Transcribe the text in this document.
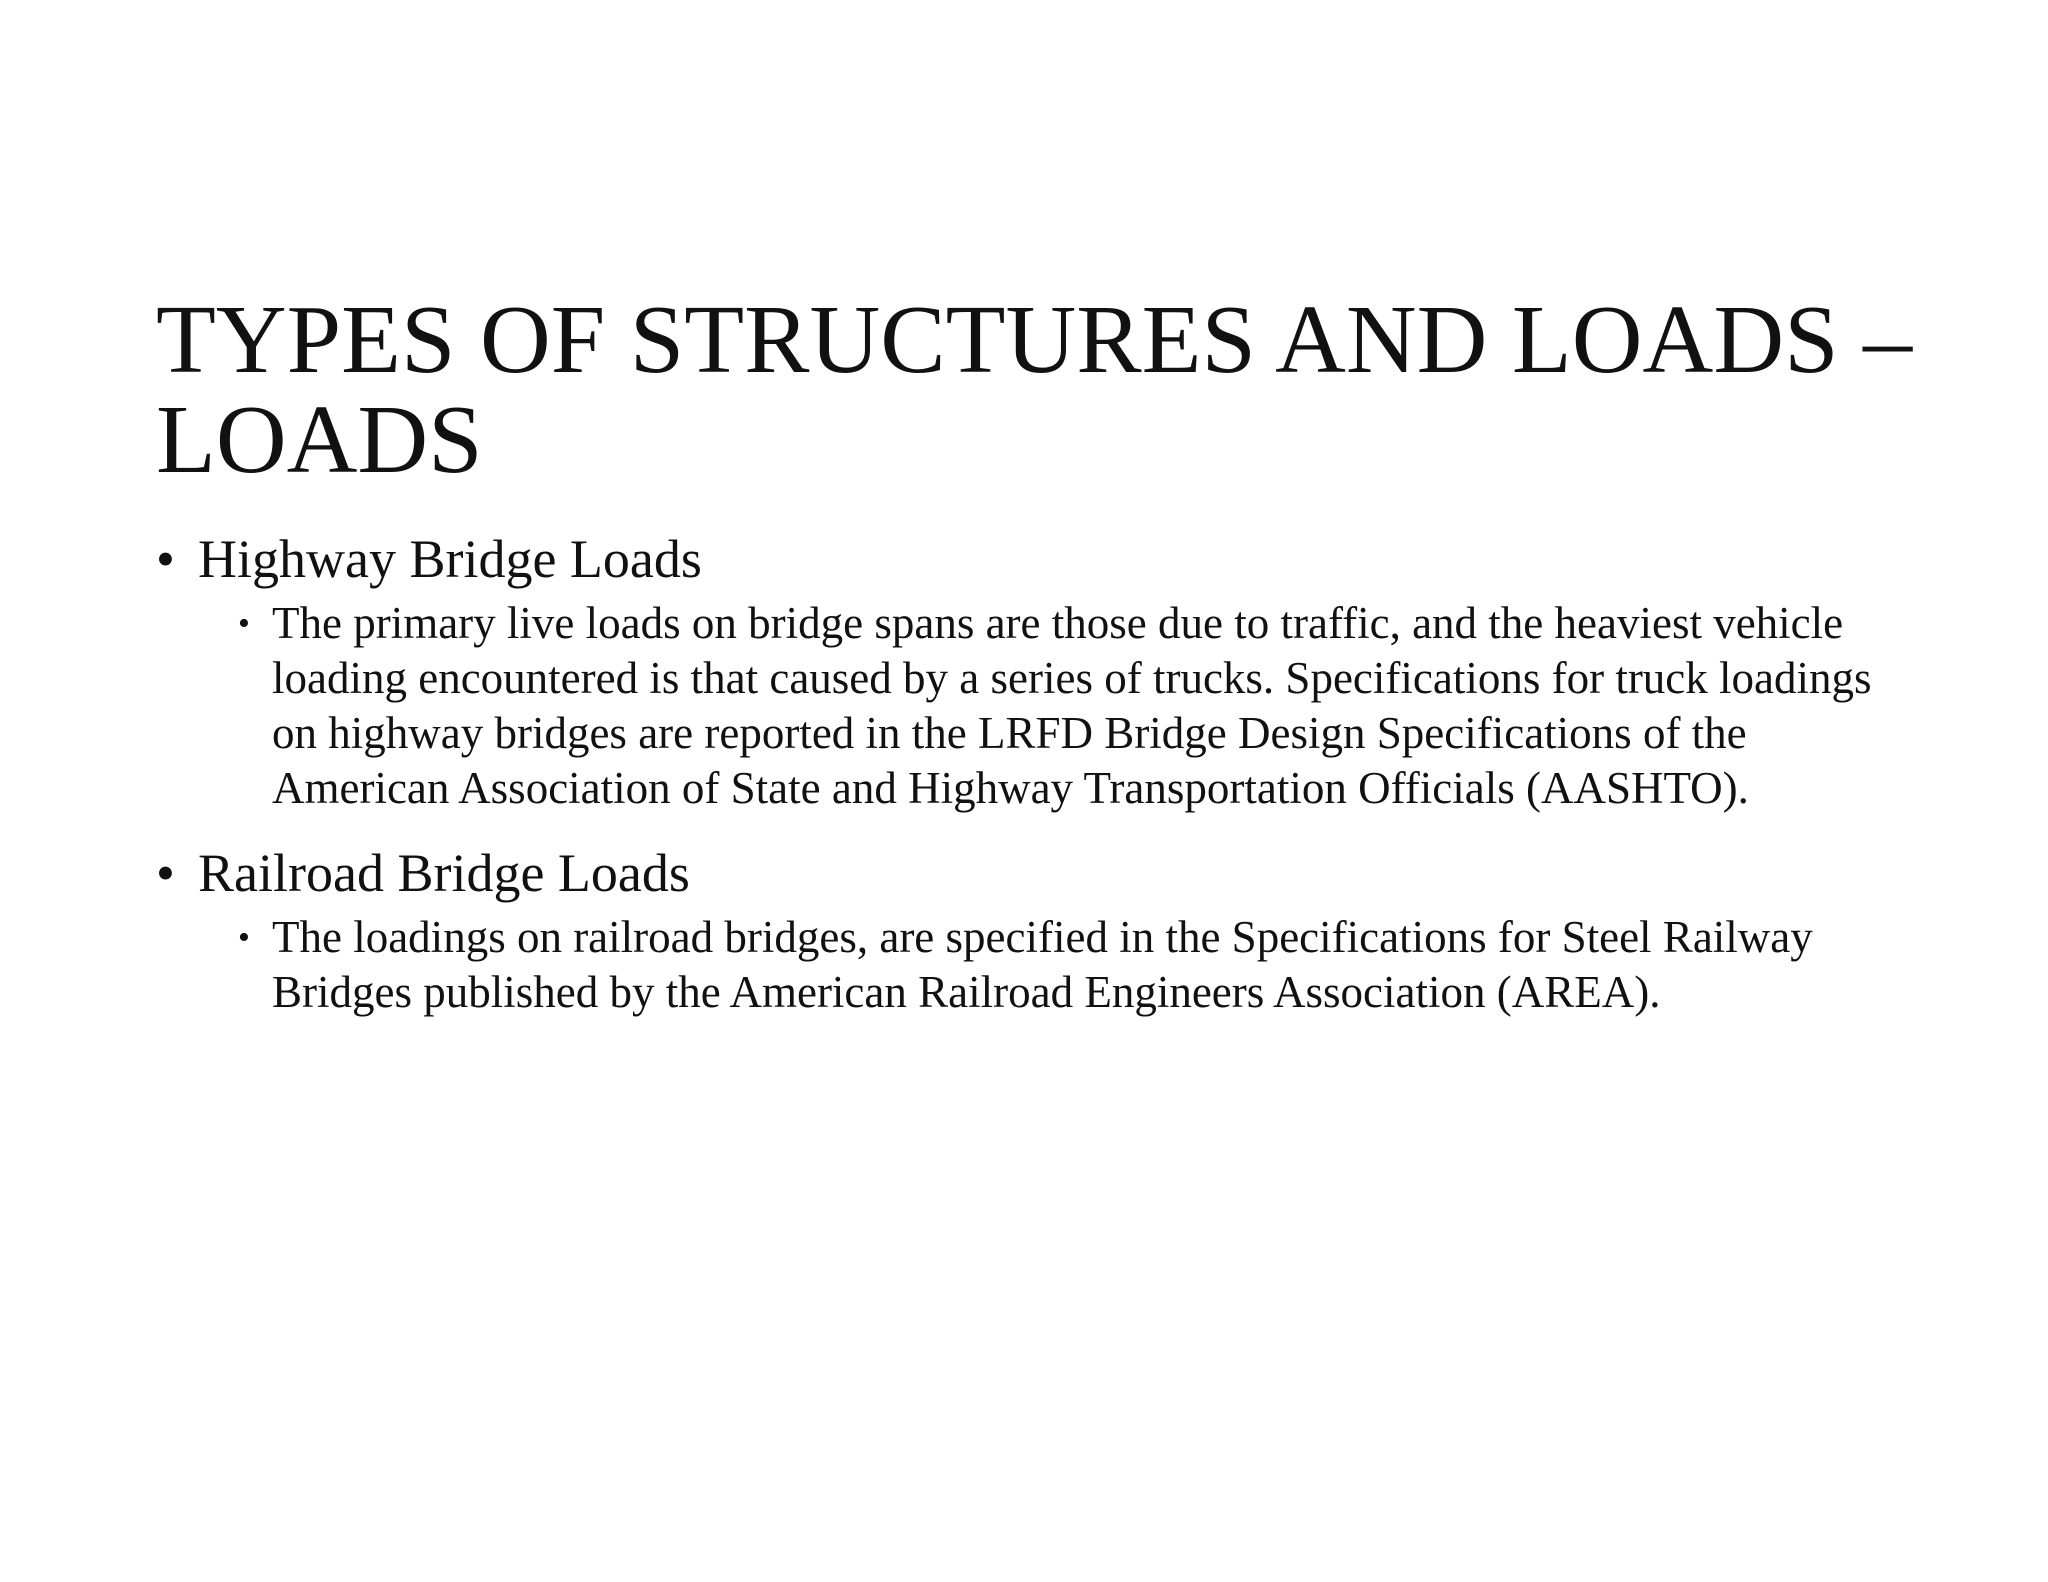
TYPES OF STRUCTURES AND LOADS – LOADS

• Highway Bridge Loads

• The primary live loads on bridge spans are those due to traffic, and the heaviest vehicle loading encountered is that caused by a series of trucks. Specifications for truck loadings on highway bridges are reported in the LRFD Bridge Design Specifications of the American Association of State and Highway Transportation Officials (AASHTO).

• Railroad Bridge Loads

• The loadings on railroad bridges, are specified in the Specifications for Steel Railway Bridges published by the American Railroad Engineers Association (AREA).
